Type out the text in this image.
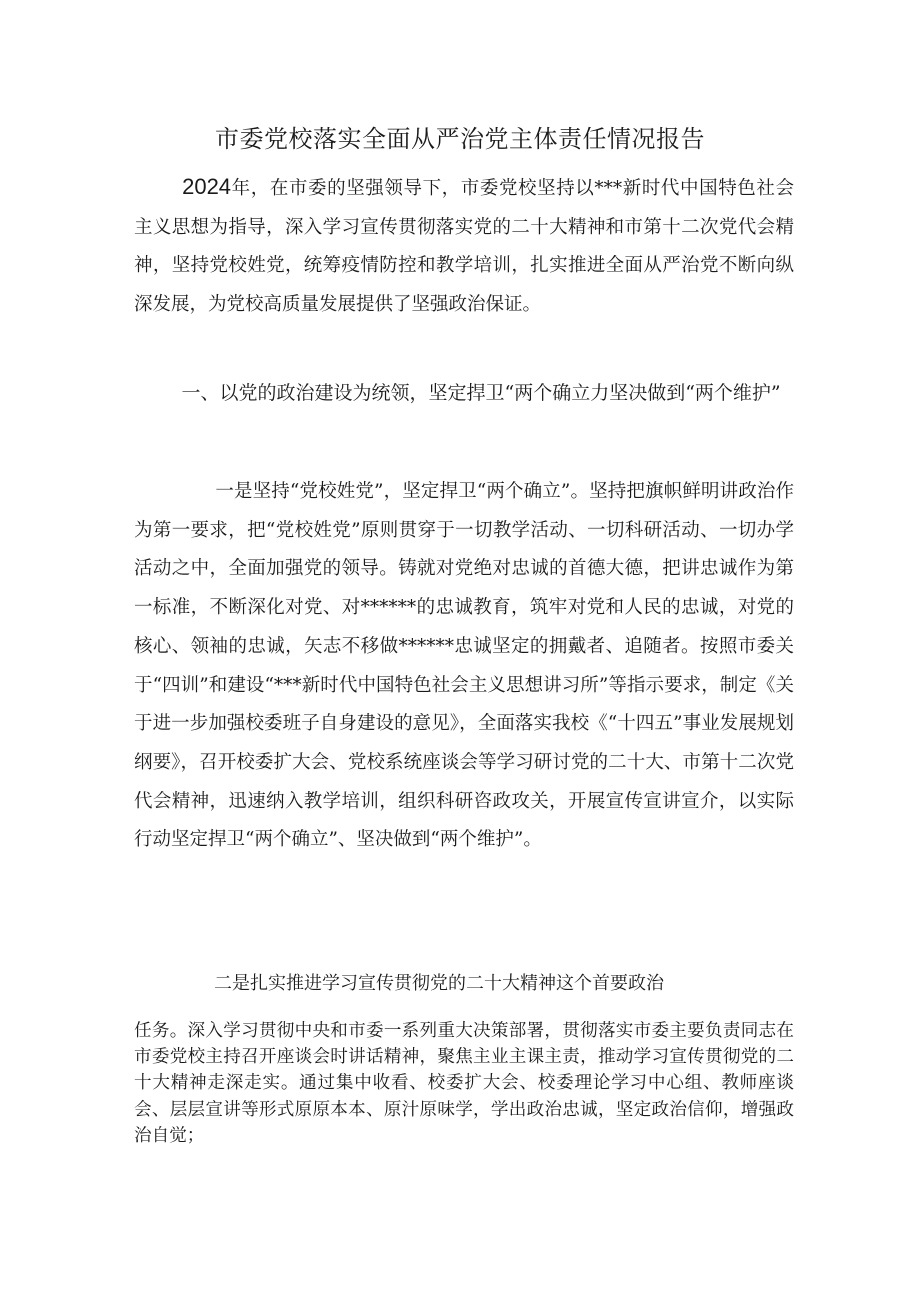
市委党校落实全面从严治党主体责任情况报告
2024年，在市委的坚强领导下，市委党校坚持以***新时代中国特色社会主义思想为指导，深入学习宣传贯彻落实党的二十大精神和市第十二次党代会精神，坚持党校姓党，统筹疫情防控和教学培训，扎实推进全面从严治党不断向纵深发展，为党校高质量发展提供了坚强政治保证。
一、以党的政治建设为统领，坚定捍卫“两个确立力坚决做到“两个维护”
一是坚持“党校姓党”，坚定捍卫“两个确立”。坚持把旗帜鲜明讲政治作为第一要求，把“党校姓党”原则贯穿于一切教学活动、一切科研活动、一切办学活动之中，全面加强党的领导。铸就对党绝对忠诚的首德大德，把讲忠诚作为第一标准，不断深化对党、对******的忠诚教育，筑牢对党和人民的忠诚，对党的核心、领袖的忠诚，矢志不移做******忠诚坚定的拥戴者、追随者。按照市委关于“四训”和建设“***新时代中国特色社会主义思想讲习所”等指示要求，制定《关于进一步加强校委班子自身建设的意见》，全面落实我校《“十四五”事业发展规划纲要》，召开校委扩大会、党校系统座谈会等学习研讨党的二十大、市第十二次党代会精神，迅速纳入教学培训，组织科研咨政攻关，开展宣传宣讲宣介，以实际行动坚定捍卫“两个确立”、坚决做到“两个维护”。
二是扎实推进学习宣传贯彻党的二十大精神这个首要政治
任务。深入学习贯彻中央和市委一系列重大决策部署，贯彻落实市委主要负责同志在市委党校主持召开座谈会时讲话精神，聚焦主业主课主责，推动学习宣传贯彻党的二十大精神走深走实。通过集中收看、校委扩大会、校委理论学习中心组、教师座谈会、层层宣讲等形式原原本本、原汁原味学，学出政治忠诚，坚定政治信仰，增强政治自觉；
